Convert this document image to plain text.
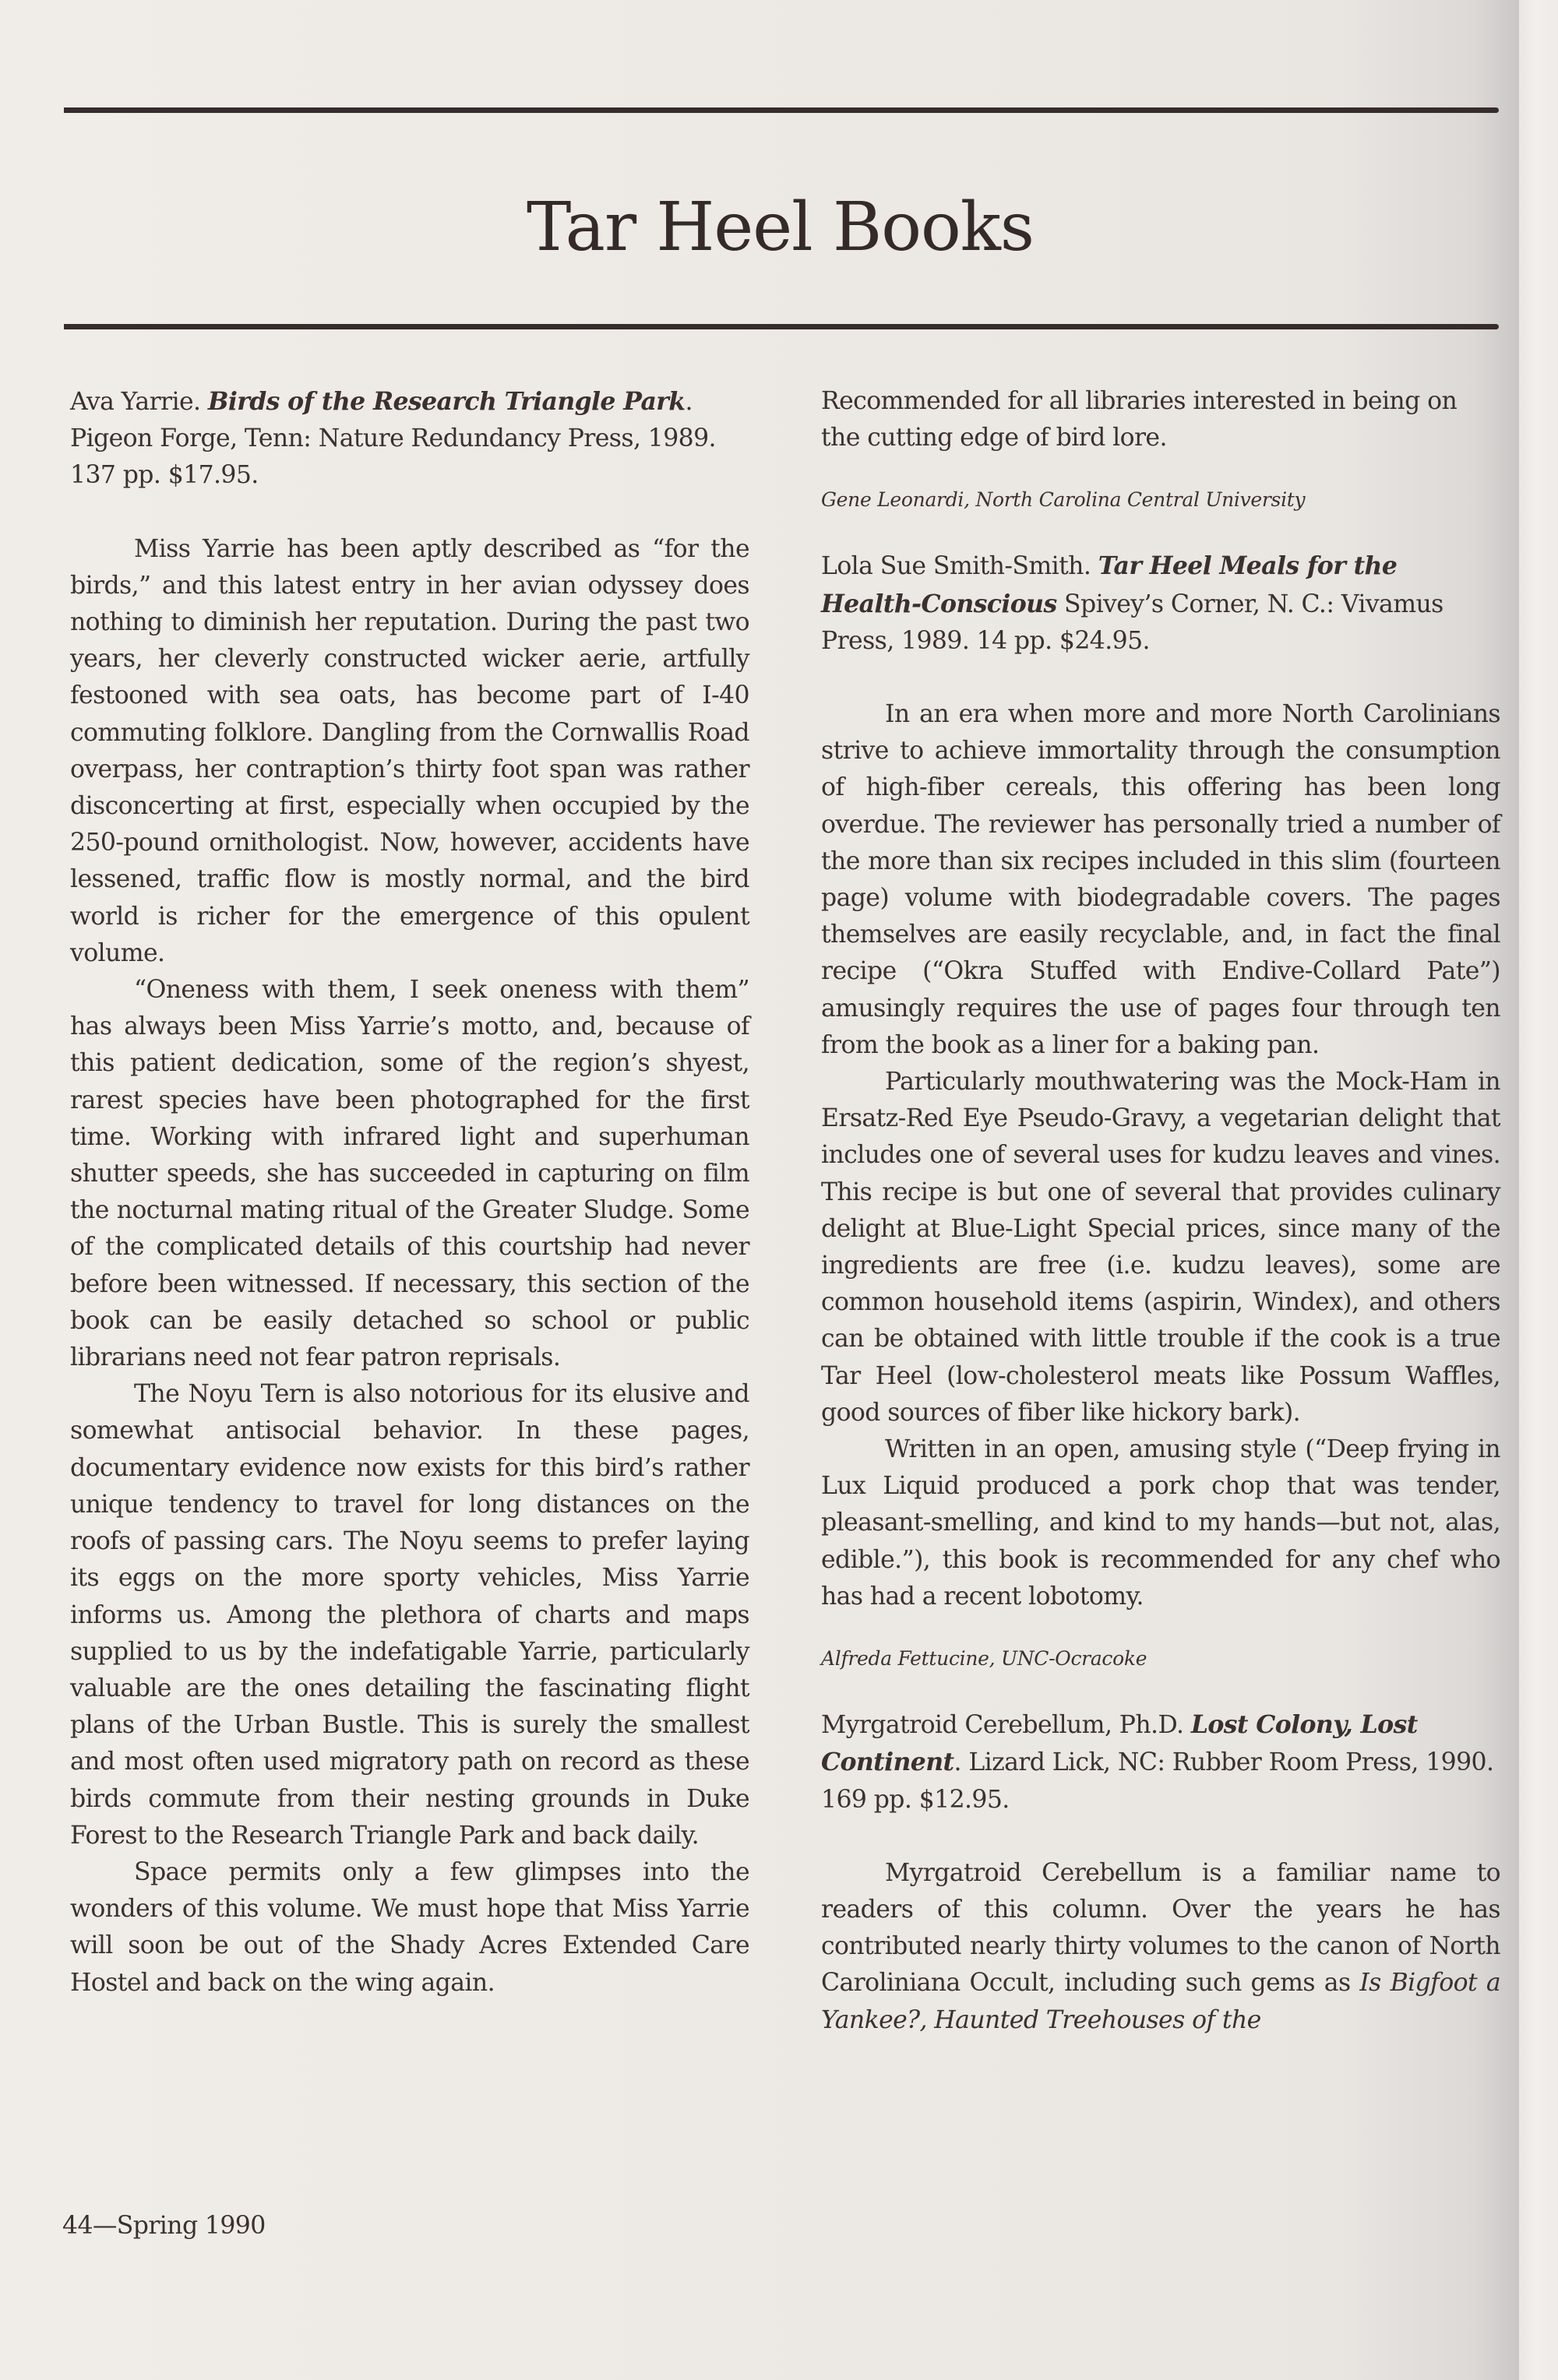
Tar Heel Books

Ava Yarrie. Birds of the Research Triangle Park. Pigeon Forge, Tenn: Nature Redundancy Press, 1989. 137 pp. $17.95.

Miss Yarrie has been aptly described as “for the birds,” and this latest entry in her avian odyssey does nothing to diminish her reputation. During the past two years, her cleverly constructed wicker aerie, artfully festooned with sea oats, has become part of I-40 commuting folklore. Dangling from the Cornwallis Road overpass, her contraption’s thirty foot span was rather disconcerting at first, especially when occupied by the 250-pound ornithologist. Now, however, accidents have lessened, traffic flow is mostly normal, and the bird world is richer for the emergence of this opulent volume.

“Oneness with them, I seek oneness with them” has always been Miss Yarrie’s motto, and, because of this patient dedication, some of the region’s shyest, rarest species have been photographed for the first time. Working with infrared light and superhuman shutter speeds, she has succeeded in capturing on film the nocturnal mating ritual of the Greater Sludge. Some of the complicated details of this courtship had never before been witnessed. If necessary, this section of the book can be easily detached so school or public librarians need not fear patron reprisals.

The Noyu Tern is also notorious for its elusive and somewhat antisocial behavior. In these pages, documentary evidence now exists for this bird’s rather unique tendency to travel for long distances on the roofs of passing cars. The Noyu seems to prefer laying its eggs on the more sporty vehicles, Miss Yarrie informs us. Among the plethora of charts and maps supplied to us by the indefatigable Yarrie, particularly valuable are the ones detailing the fascinating flight plans of the Urban Bustle. This is surely the smallest and most often used migratory path on record as these birds commute from their nesting grounds in Duke Forest to the Research Triangle Park and back daily.

Space permits only a few glimpses into the wonders of this volume. We must hope that Miss Yarrie will soon be out of the Shady Acres Extended Care Hostel and back on the wing again.

Recommended for all libraries interested in being on the cutting edge of bird lore.

Gene Leonardi, North Carolina Central University

Lola Sue Smith-Smith. Tar Heel Meals for the Health-Conscious Spivey’s Corner, N. C.: Vivamus Press, 1989. 14 pp. $24.95.

In an era when more and more North Carolinians strive to achieve immortality through the consumption of high-fiber cereals, this offering has been long overdue. The reviewer has personally tried a number of the more than six recipes included in this slim (fourteen page) volume with biodegradable covers. The pages themselves are easily recyclable, and, in fact the final recipe (“Okra Stuffed with Endive-Collard Pate”) amusingly requires the use of pages four through ten from the book as a liner for a baking pan.

Particularly mouthwatering was the Mock-Ham in Ersatz-Red Eye Pseudo-Gravy, a vegetarian delight that includes one of several uses for kudzu leaves and vines. This recipe is but one of several that provides culinary delight at Blue-Light Special prices, since many of the ingredients are free (i.e. kudzu leaves), some are common household items (aspirin, Windex), and others can be obtained with little trouble if the cook is a true Tar Heel (low-cholesterol meats like Possum Waffles, good sources of fiber like hickory bark).

Written in an open, amusing style (“Deep frying in Lux Liquid produced a pork chop that was tender, pleasant-smelling, and kind to my hands—but not, alas, edible.”), this book is recommended for any chef who has had a recent lobotomy.

Alfreda Fettucine, UNC-Ocracoke

Myrgatroid Cerebellum, Ph.D. Lost Colony, Lost Continent. Lizard Lick, NC: Rubber Room Press, 1990. 169 pp. $12.95.

Myrgatroid Cerebellum is a familiar name to readers of this column. Over the years he has contributed nearly thirty volumes to the canon of North Caroliniana Occult, including such gems as Is Bigfoot a Yankee?, Haunted Treehouses of the

44—Spring 1990
